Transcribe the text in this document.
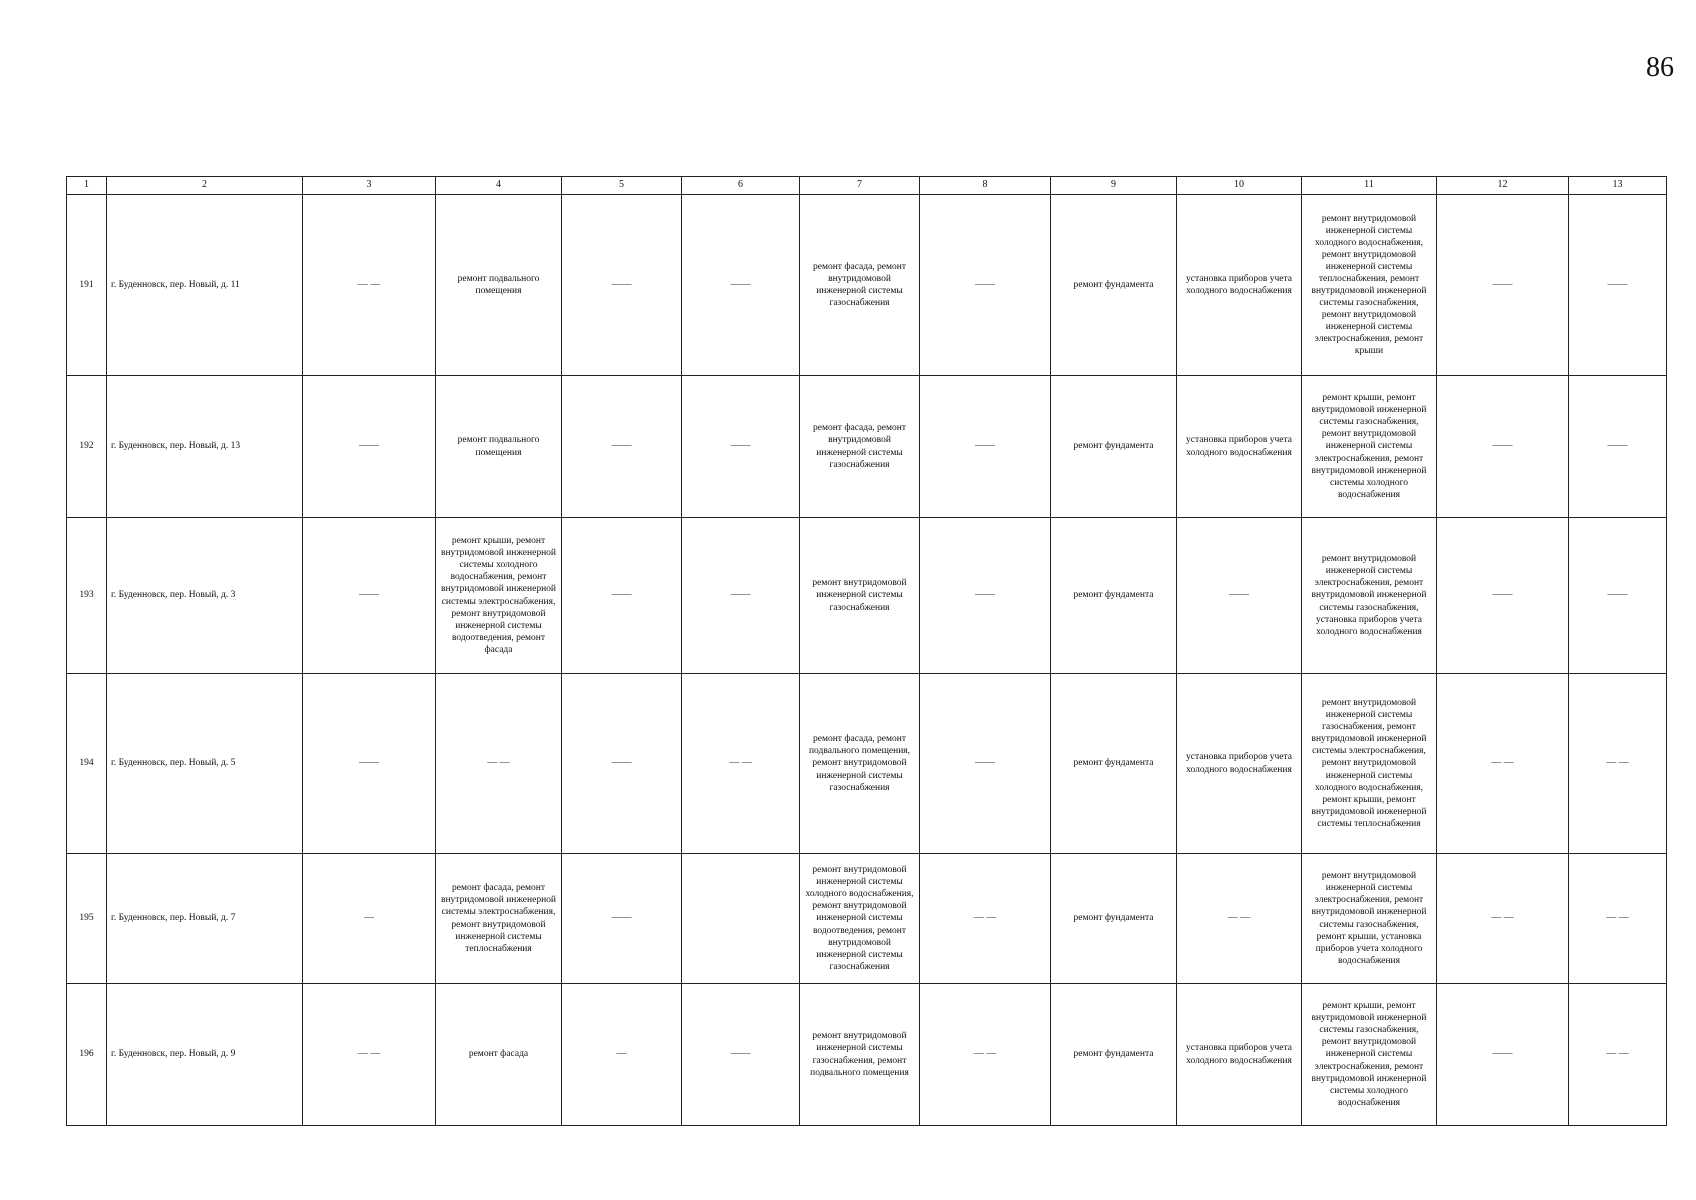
86
1	2	3	4	5	6	7	8	9	10	11	12	13
191	г. Буденновск, пер. Новый, д. 11	— —	ремонт подвального помещения	——	——	ремонт фасада, ремонт внутридомовой инженерной системы газоснабжения	——	ремонт фундамента	установка приборов учета холодного водоснабжения	ремонт внутридомовой инженерной системы холодного водоснабжения, ремонт внутридомовой инженерной системы теплоснабжения, ремонт внутридомовой инженерной системы газоснабжения, ремонт внутридомовой инженерной системы электроснабжения, ремонт крыши	——	——
192	г. Буденновск, пер. Новый, д. 13	——	ремонт подвального помещения	——	——	ремонт фасада, ремонт внутридомовой инженерной системы газоснабжения	——	ремонт фундамента	установка приборов учета холодного водоснабжения	ремонт крыши, ремонт внутридомовой инженерной системы газоснабжения, ремонт внутридомовой инженерной системы электроснабжения, ремонт внутридомовой инженерной системы холодного водоснабжения	——	——
193	г. Буденновск, пер. Новый, д. 3	——	ремонт крыши, ремонт внутридомовой инженерной системы холодного водоснабжения, ремонт внутридомовой инженерной системы электроснабжения, ремонт внутридомовой инженерной системы водоотведения, ремонт фасада	——	——	ремонт внутридомовой инженерной системы газоснабжения	——	ремонт фундамента	——	ремонт внутридомовой инженерной системы электроснабжения, ремонт внутридомовой инженерной системы газоснабжения, установка приборов учета холодного водоснабжения	——	——
194	г. Буденновск, пер. Новый, д. 5	——	— —	——	— —	ремонт фасада, ремонт подвального помещения, ремонт внутридомовой инженерной системы газоснабжения	——	ремонт фундамента	установка приборов учета холодного водоснабжения	ремонт внутридомовой инженерной системы газоснабжения, ремонт внутридомовой инженерной системы электроснабжения, ремонт внутридомовой инженерной системы холодного водоснабжения, ремонт крыши, ремонт внутридомовой инженерной системы теплоснабжения	— —	— —
195	г. Буденновск, пер. Новый, д. 7	—	ремонт фасада, ремонт внутридомовой инженерной системы электроснабжения, ремонт внутридомовой инженерной системы теплоснабжения	——		ремонт внутридомовой инженерной системы холодного водоснабжения, ремонт внутридомовой инженерной системы водоотведения, ремонт внутридомовой инженерной системы газоснабжения	— —	ремонт фундамента	— —	ремонт внутридомовой инженерной системы электроснабжения, ремонт внутридомовой инженерной системы газоснабжения, ремонт крыши, установка приборов учета холодного водоснабжения	— —	— —
196	г. Буденновск, пер. Новый, д. 9	— —	ремонт фасада	—	——	ремонт внутридомовой инженерной системы газоснабжения, ремонт подвального помещения	— —	ремонт фундамента	установка приборов учета холодного водоснабжения	ремонт крыши, ремонт внутридомовой инженерной системы газоснабжения, ремонт внутридомовой инженерной системы электроснабжения, ремонт внутридомовой инженерной системы холодного водоснабжения	——	— —
